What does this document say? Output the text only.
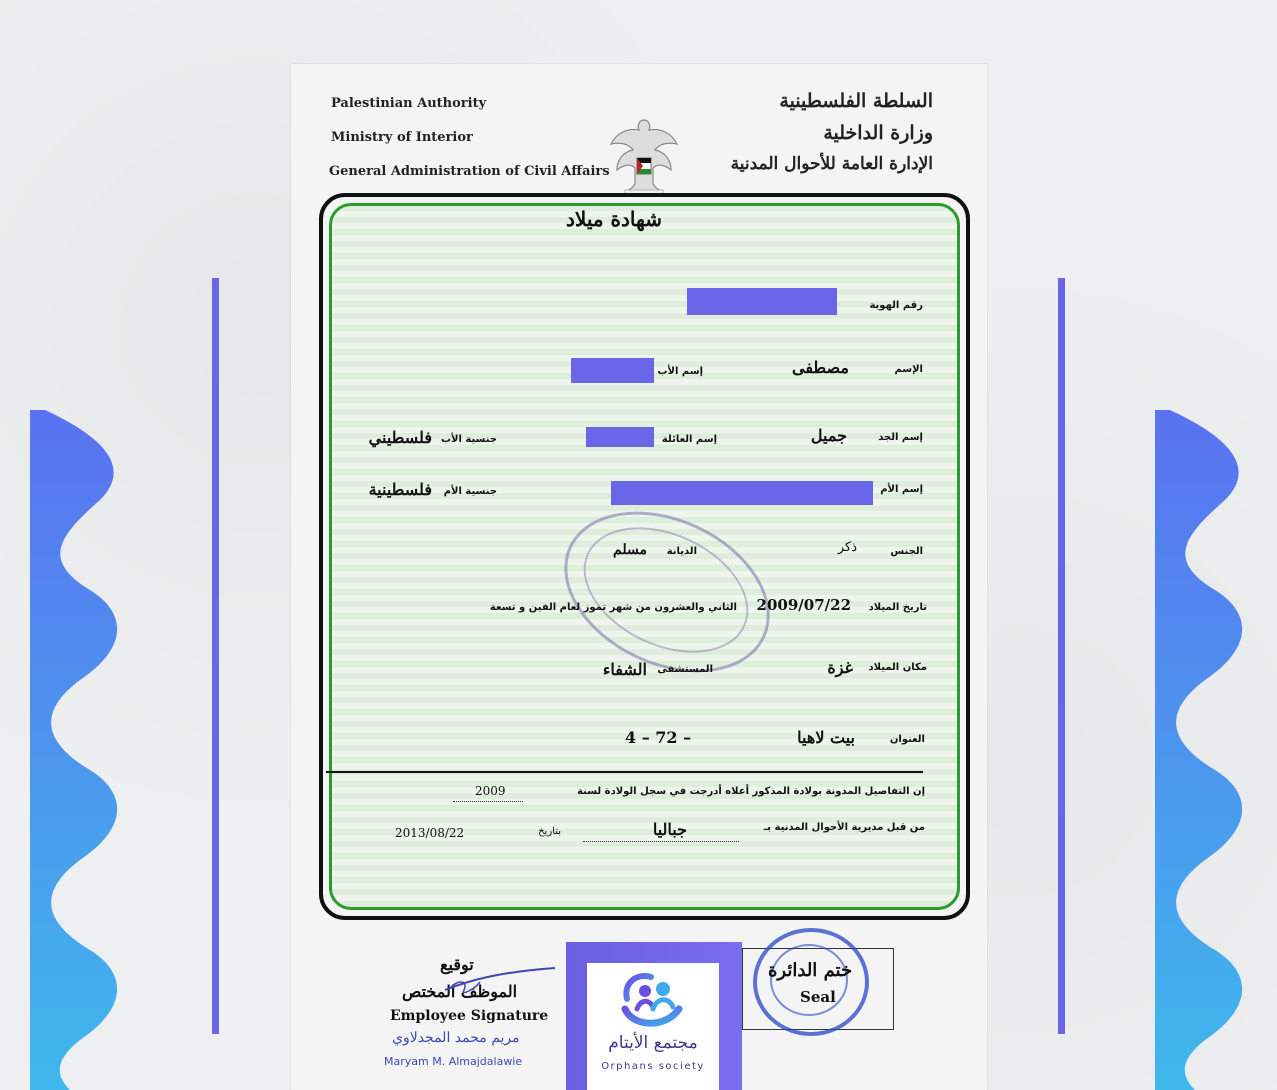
Palestinian Authority
Ministry of Interior
General Administration of Civil Affairs
السلطة الفلسطينية
وزارة الداخلية
الإدارة العامة للأحوال المدنية
شهادة ميلاد
رقم الهوية
الإسم
مصطفى
إسم الأب
إسم الجد
جميل
إسم العائلة
جنسية الأب
فلسطيني
إسم الأم
جنسية الأم
فلسطينية
الجنس
ذكر
الديانة
مسلم
تاريخ الميلاد
2009/07/22
الثاني والعشرون من شهر تموز لعام الفين و تسعة
مكان الميلاد
غزة
المستشفى
الشفاء
العنوان
بيت لاهيا
4 – 72 –
إن التفاصيل المدونة بولادة المذكور أعلاه أدرجت في سجل الولادة لسنة
2009
من قبل مديرية الأحوال المدنية بـ
جباليا
بتاريخ
2013/08/22
توقيع
الموظف المختص
Employee Signature
مريم محمد المجدلاوي
Maryam M. Almajdalawie
ختم الدائرة
Seal
مجتمع الأيتام
Orphans society
